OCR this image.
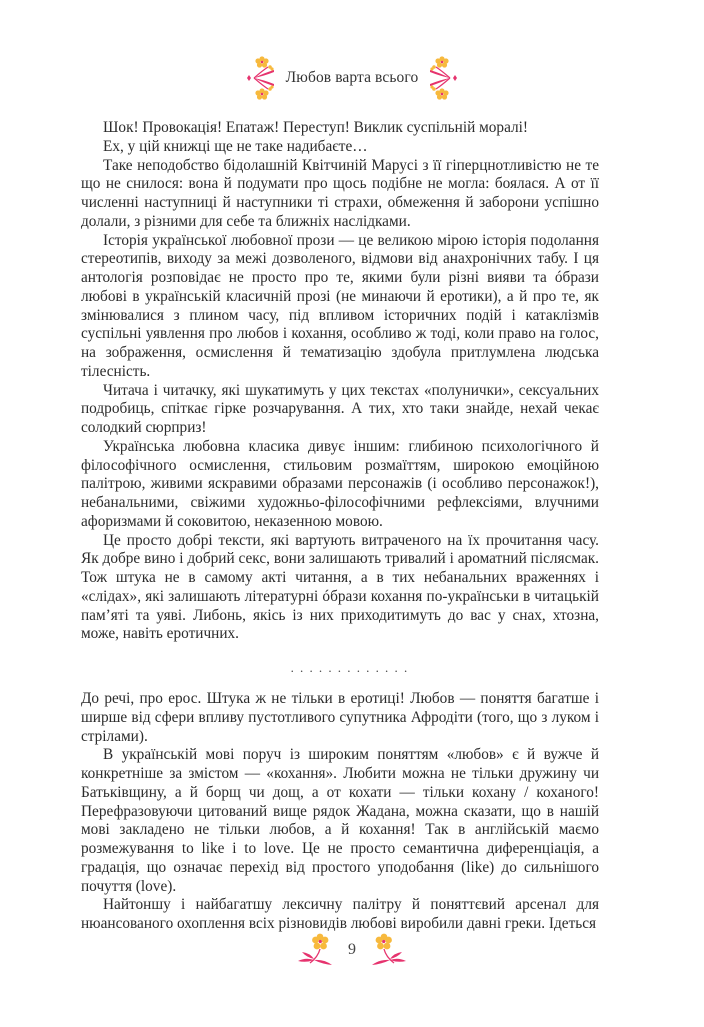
Любов варта всього

Шок! Провокація! Епатаж! Переступ! Виклик суспільній моралі!

Ех, у цій книжці ще не таке надибаєте…

Таке неподобство бідолашній Квітчиній Марусі з її гіперцнотливістю не те що не снилося: вона й подумати про щось подібне не могла: боялася. А от її численні наступниці й наступники ті страхи, обмеження й заборони успішно долали, з різними для себе та ближніх наслідками.

Історія української любовної прози — це великою мірою історія подолання стереотипів, виходу за межі дозволеного, відмови від анахронічних табу. І ця антологія розповідає не просто про те, якими були різні вияви та óбрази любові в українській класичній прозі (не минаючи й еротики), а й про те, як змінювалися з плином часу, під впливом історичних подій і катаклізмів суспільні уявлення про любов і кохання, особливо ж тоді, коли право на голос, на зображення, осмислення й тематизацію здобула притлумлена людська тілесність.

Читача і читачку, які шукатимуть у цих текстах «полунички», сексуальних подробиць, спіткає гірке розчарування. А тих, хто таки знайде, нехай чекає солодкий сюрприз!

Українська любовна класика дивує іншим: глибиною психологічного й філософічного осмислення, стильовим розмаїттям, широкою емоційною палітрою, живими яскравими образами персонажів (і особливо персонажок!), небанальними, свіжими художньо-філософічними рефлексіями, влучними афоризмами й соковитою, неказенною мовою.

Це просто добрі тексти, які вартують витраченого на їх прочитання часу. Як добре вино і добрий секс, вони залишають тривалий і ароматний післясмак. Тож штука не в самому акті читання, а в тих небанальних враженнях і «слідах», які залишають літературні óбрази кохання по-українськи в читацькій пам’яті та уяві. Либонь, якісь із них приходитимуть до вас у снах, хтозна, може, навіть еротичних.

.............

До речі, про ерос. Штука ж не тільки в еротиці! Любов — поняття багатше і ширше від сфери впливу пустотливого супутника Афродіти (того, що з луком і стрілами).

В українській мові поруч із широким поняттям «любов» є й вужче й конкретніше за змістом — «кохання». Любити можна не тільки дружину чи Батьківщину, а й борщ чи дощ, а от кохати — тільки кохану / коханого! Перефразовуючи цитований вище рядок Жадана, можна сказати, що в нашій мові закладено не тільки любов, а й кохання! Так в англійській маємо розмежування to like і to love. Це не просто семантична диференціація, а градація, що означає перехід від простого уподобання (like) до сильнішого почуття (love).

Найтоншу і найбагатшу лексичну палітру й поняттєвий арсенал для нюансованого охоплення всіх різновидів любові виробили давні греки. Ідеться

9
